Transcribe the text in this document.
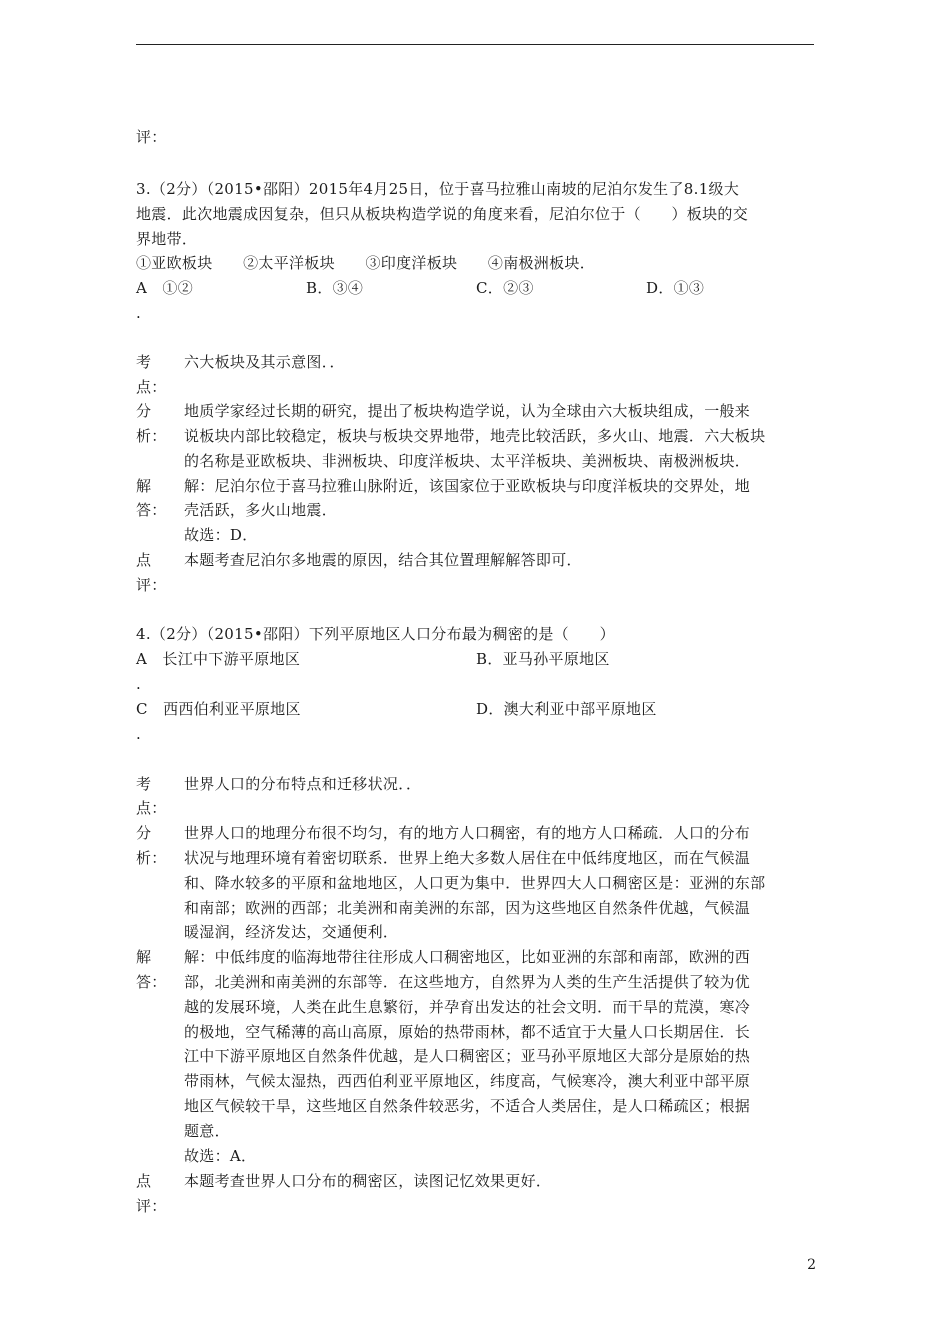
评：
3.（2分）（2015•邵阳）2015年4月25日，位于喜马拉雅山南坡的尼泊尔发生了8.1级大
地震．此次地震成因复杂，但只从板块构造学说的角度来看，尼泊尔位于（　　）板块的交
界地带．
①亚欧板块　　②太平洋板块　　③印度洋板块　　④南极洲板块．
A　①②	B．③④	C．②③	D．①③
.
考
点：
六大板块及其示意图．．
分
析：
地质学家经过长期的研究，提出了板块构造学说，认为全球由六大板块组成，一般来
说板块内部比较稳定，板块与板块交界地带，地壳比较活跃，多火山、地震．六大板块
的名称是亚欧板块、非洲板块、印度洋板块、太平洋板块、美洲板块、南极洲板块．
解
答：
解：尼泊尔位于喜马拉雅山脉附近，该国家位于亚欧板块与印度洋板块的交界处，地
壳活跃，多火山地震．
故选：D．
点
评：
本题考查尼泊尔多地震的原因，结合其位置理解解答即可．
4.（2分）（2015•邵阳）下列平原地区人口分布最为稠密的是（　　）
A　长江中下游平原地区	B．亚马孙平原地区
.
C　西西伯利亚平原地区	D．澳大利亚中部平原地区
.
考
点：
世界人口的分布特点和迁移状况．．
分
析：
世界人口的地理分布很不均匀，有的地方人口稠密，有的地方人口稀疏．人口的分布
状况与地理环境有着密切联系．世界上绝大多数人居住在中低纬度地区，而在气候温
和、降水较多的平原和盆地地区，人口更为集中．世界四大人口稠密区是：亚洲的东部
和南部；欧洲的西部；北美洲和南美洲的东部，因为这些地区自然条件优越，气候温
暖湿润，经济发达，交通便利．
解
答：
解：中低纬度的临海地带往往形成人口稠密地区，比如亚洲的东部和南部，欧洲的西
部，北美洲和南美洲的东部等．在这些地方，自然界为人类的生产生活提供了较为优
越的发展环境，人类在此生息繁衍，并孕育出发达的社会文明．而干旱的荒漠，寒冷
的极地，空气稀薄的高山高原，原始的热带雨林，都不适宜于大量人口长期居住．长
江中下游平原地区自然条件优越，是人口稠密区；亚马孙平原地区大部分是原始的热
带雨林，气候太湿热，西西伯利亚平原地区，纬度高，气候寒冷，澳大利亚中部平原
地区气候较干旱，这些地区自然条件较恶劣，不适合人类居住，是人口稀疏区；根据
题意．
故选：A．
点
评：
本题考查世界人口分布的稠密区，读图记忆效果更好．
2
